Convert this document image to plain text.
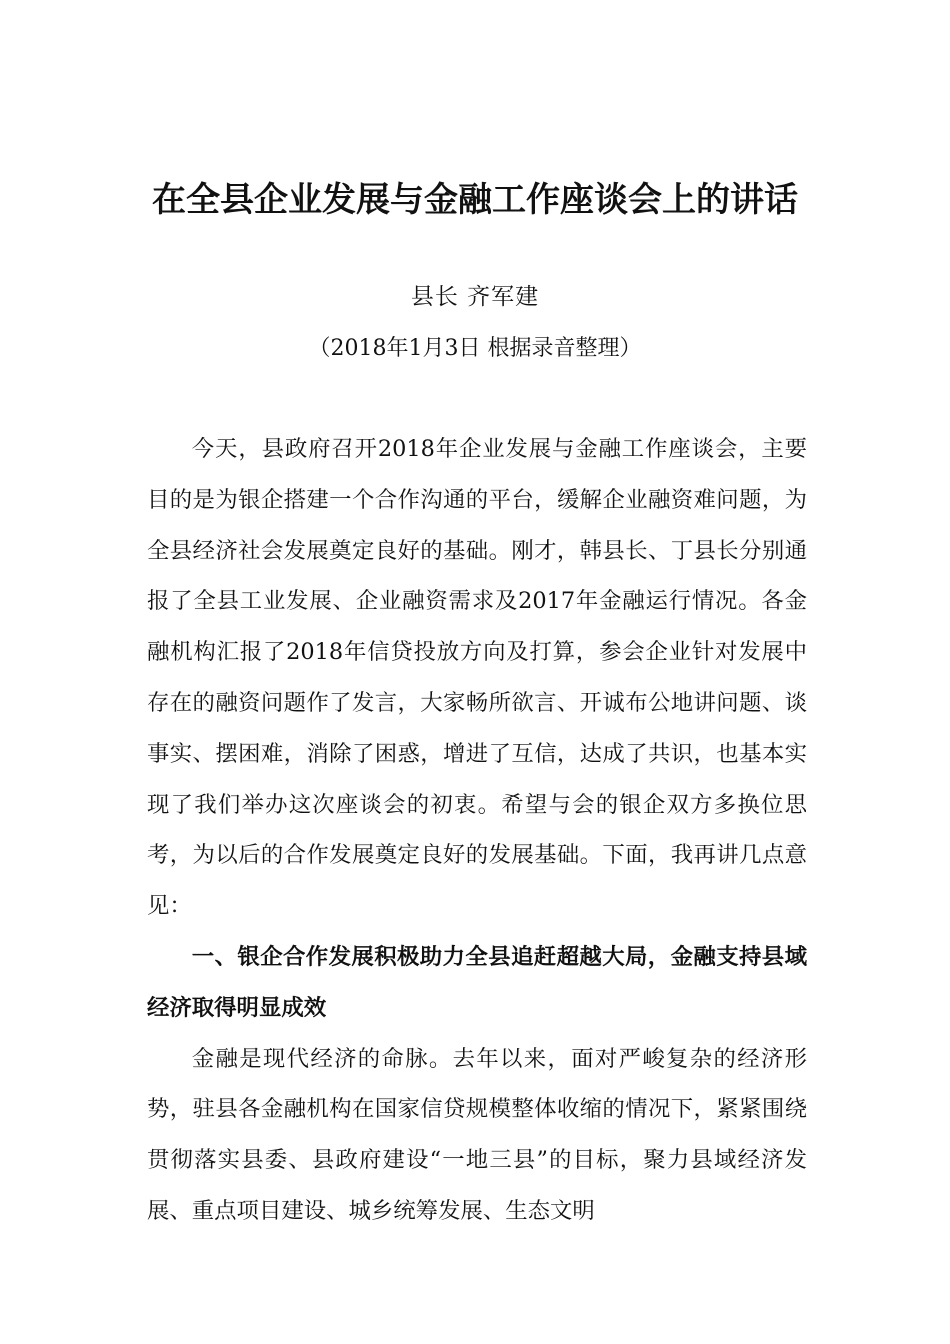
在全县企业发展与金融工作座谈会上的讲话
县长 齐军建
（2018年1月3日 根据录音整理）

今天，县政府召开2018年企业发展与金融工作座谈会，主要目的是为银企搭建一个合作沟通的平台，缓解企业融资难问题，为全县经济社会发展奠定良好的基础。刚才，韩县长、丁县长分别通报了全县工业发展、企业融资需求及2017年金融运行情况。各金融机构汇报了2018年信贷投放方向及打算，参会企业针对发展中存在的融资问题作了发言，大家畅所欲言、开诚布公地讲问题、谈事实、摆困难，消除了困惑，增进了互信，达成了共识，也基本实现了我们举办这次座谈会的初衷。希望与会的银企双方多换位思考，为以后的合作发展奠定良好的发展基础。下面，我再讲几点意见：

一、银企合作发展积极助力全县追赶超越大局，金融支持县域经济取得明显成效

金融是现代经济的命脉。去年以来，面对严峻复杂的经济形势，驻县各金融机构在国家信贷规模整体收缩的情况下，紧紧围绕贯彻落实县委、县政府建设“一地三县”的目标，聚力县域经济发展、重点项目建设、城乡统筹发展、生态文明
